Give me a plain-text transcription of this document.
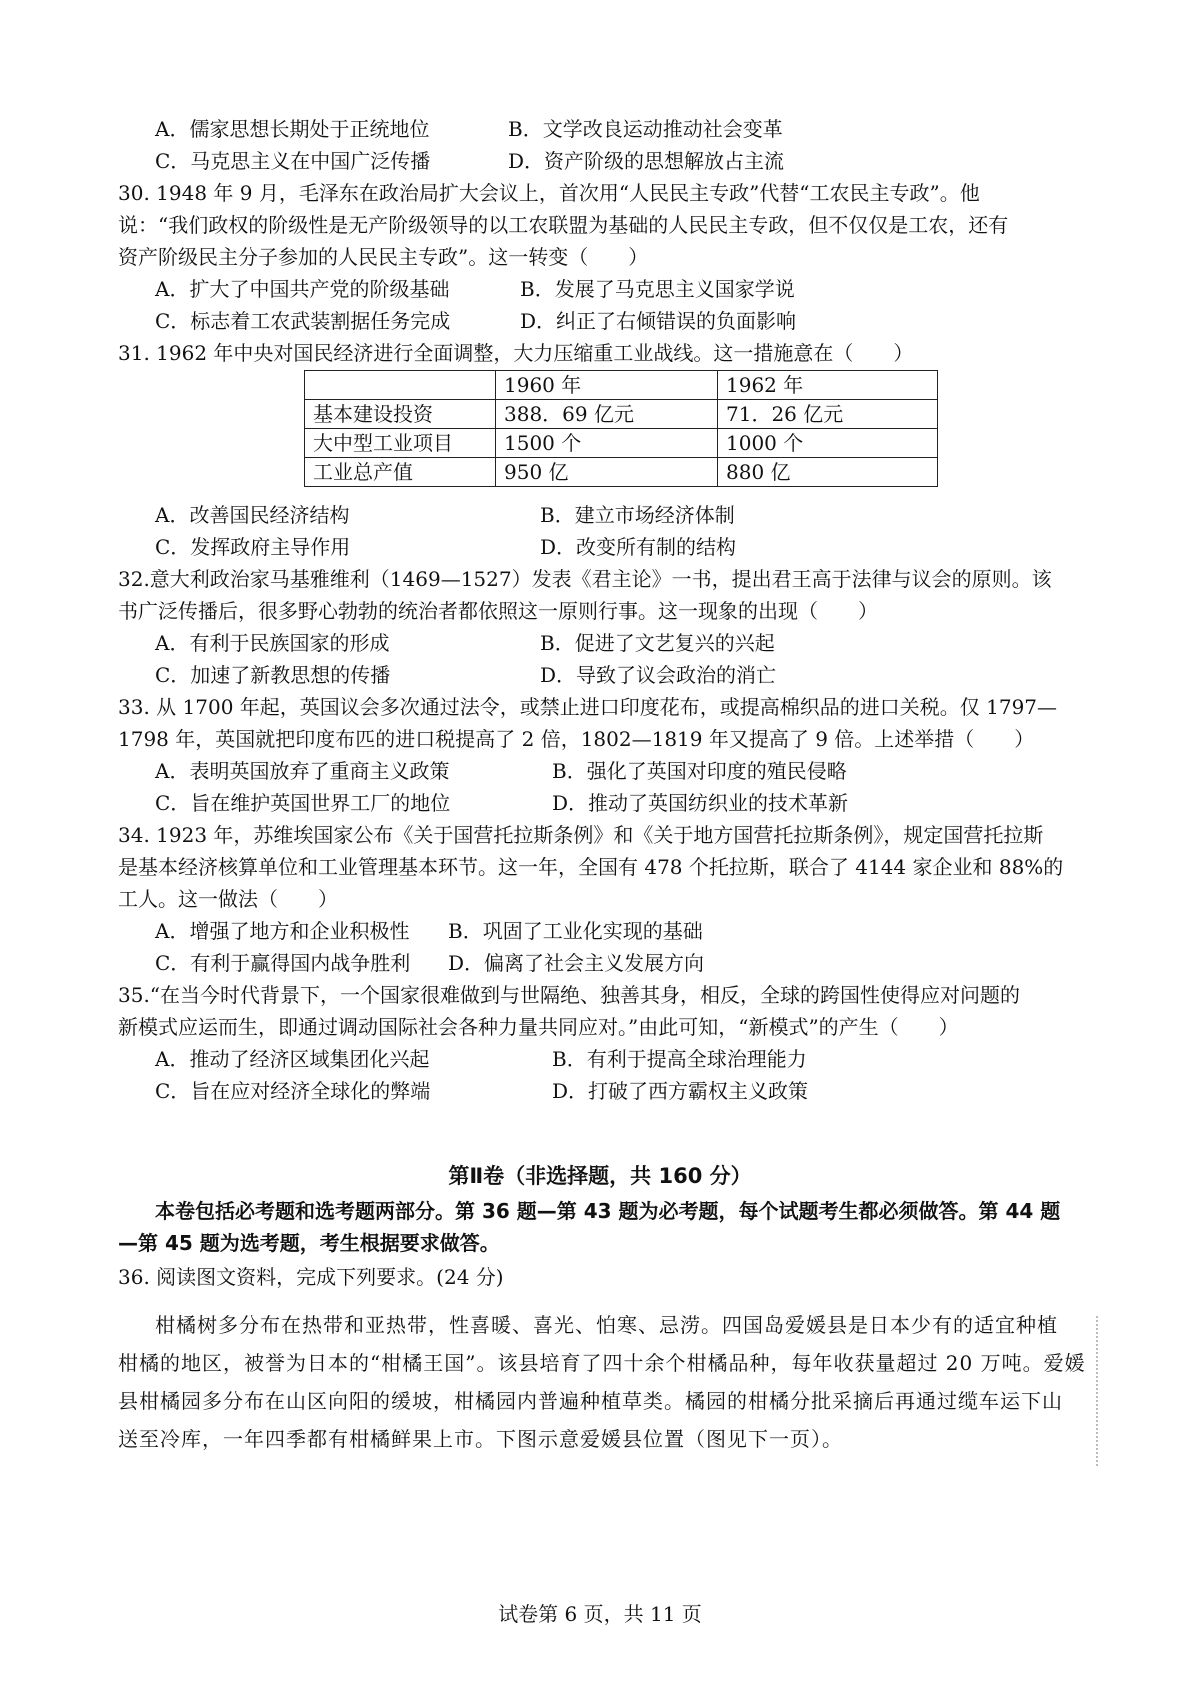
A．儒家思想长期处于正统地位	B．文学改良运动推动社会变革
C．马克思主义在中国广泛传播	D．资产阶级的思想解放占主流
30. 1948 年 9 月，毛泽东在政治局扩大会议上，首次用“人民民主专政”代替“工农民主专政”。他
说：“我们政权的阶级性是无产阶级领导的以工农联盟为基础的人民民主专政，但不仅仅是工农，还有
资产阶级民主分子参加的人民民主专政”。这一转变（　　）
A．扩大了中国共产党的阶级基础	B．发展了马克思主义国家学说
C．标志着工农武装割据任务完成	D．纠正了右倾错误的负面影响
31. 1962 年中央对国民经济进行全面调整，大力压缩重工业战线。这一措施意在（　　）
	1960 年	1962 年
基本建设投资	388．69 亿元	71．26 亿元
大中型工业项目	1500 个	1000 个
工业总产值	950 亿	880 亿
A．改善国民经济结构	B．建立市场经济体制
C．发挥政府主导作用	D．改变所有制的结构
32.意大利政治家马基雅维利（1469—1527）发表《君主论》一书，提出君王高于法律与议会的原则。该
书广泛传播后，很多野心勃勃的统治者都依照这一原则行事。这一现象的出现（　　）
A．有利于民族国家的形成	B．促进了文艺复兴的兴起
C．加速了新教思想的传播	D．导致了议会政治的消亡
33. 从 1700 年起，英国议会多次通过法令，或禁止进口印度花布，或提高棉织品的进口关税。仅 1797—
1798 年，英国就把印度布匹的进口税提高了 2 倍，1802—1819 年又提高了 9 倍。上述举措（　　）
A．表明英国放弃了重商主义政策	B．强化了英国对印度的殖民侵略
C．旨在维护英国世界工厂的地位	D．推动了英国纺织业的技术革新
34. 1923 年，苏维埃国家公布《关于国营托拉斯条例》和《关于地方国营托拉斯条例》，规定国营托拉斯
是基本经济核算单位和工业管理基本环节。这一年，全国有 478 个托拉斯，联合了 4144 家企业和 88%的
工人。这一做法（　　）
A．增强了地方和企业积极性 B．巩固了工业化实现的基础
C．有利于赢得国内战争胜利 D．偏离了社会主义发展方向
35.“在当今时代背景下，一个国家很难做到与世隔绝、独善其身，相反，全球的跨国性使得应对问题的
新模式应运而生，即通过调动国际社会各种力量共同应对。”由此可知，“新模式”的产生（　　）
A．推动了经济区域集团化兴起	B．有利于提高全球治理能力
C．旨在应对经济全球化的弊端	D．打破了西方霸权主义政策
第Ⅱ卷（非选择题，共 160 分）
本卷包括必考题和选考题两部分。第 36 题—第 43 题为必考题，每个试题考生都必须做答。第 44 题
—第 45 题为选考题，考生根据要求做答。
36. 阅读图文资料，完成下列要求。(24 分)
柑橘树多分布在热带和亚热带，性喜暖、喜光、怕寒、忌涝。四国岛爱媛县是日本少有的适宜种植
柑橘的地区，被誉为日本的“柑橘王国”。该县培育了四十余个柑橘品种，每年收获量超过 20 万吨。爱媛
县柑橘园多分布在山区向阳的缓坡，柑橘园内普遍种植草类。橘园的柑橘分批采摘后再通过缆车运下山
送至冷库，一年四季都有柑橘鲜果上市。下图示意爱媛县位置（图见下一页）。
试卷第 6 页，共 11 页
